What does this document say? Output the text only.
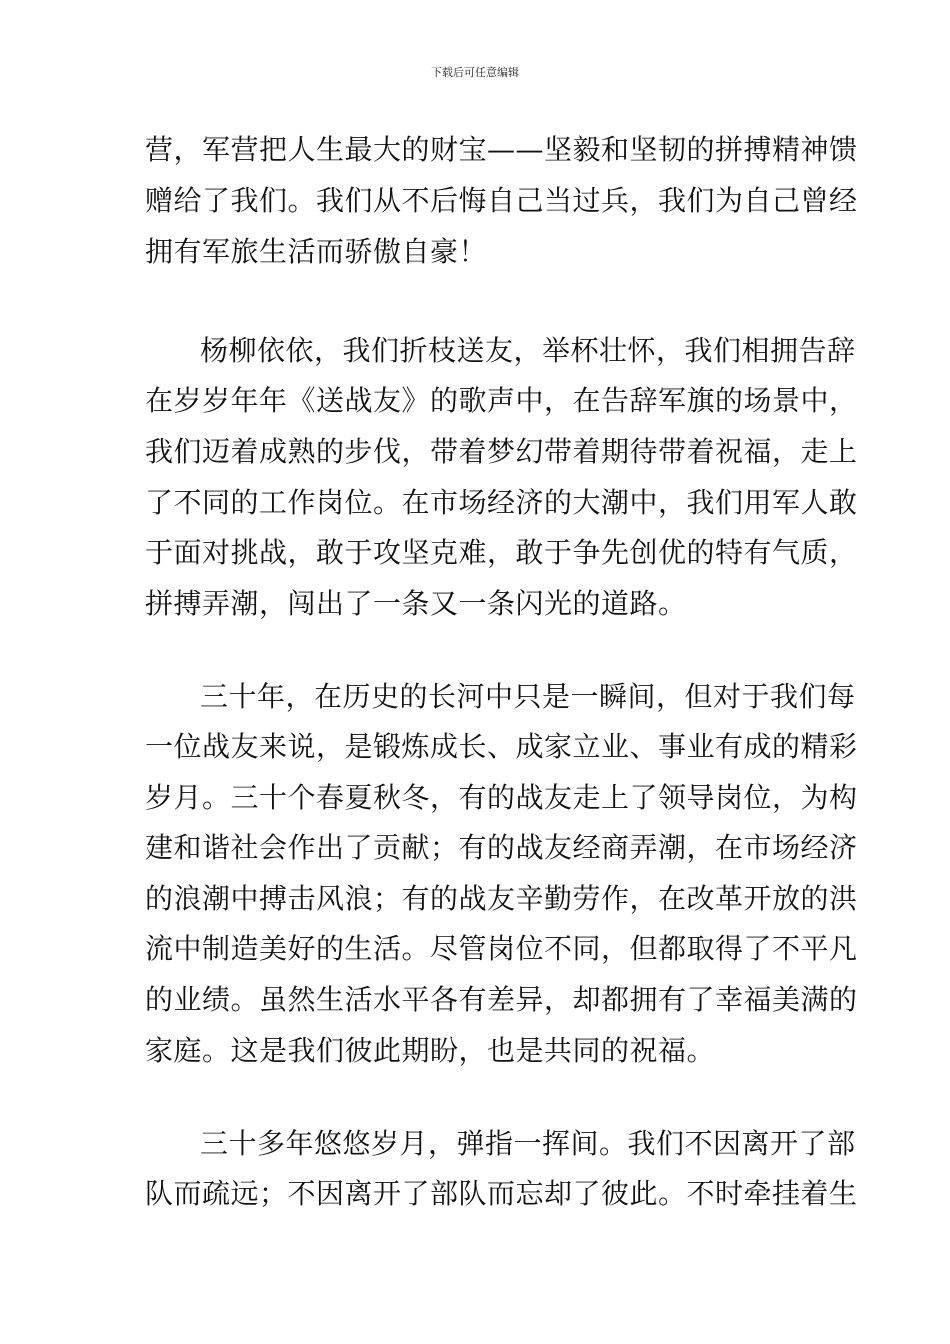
下载后可任意编辑
营，军营把人生最大的财宝——坚毅和坚韧的拼搏精神馈
赠给了我们。我们从不后悔自己当过兵，我们为自己曾经
拥有军旅生活而骄傲自豪！
杨柳依依，我们折枝送友，举杯壮怀，我们相拥告辞
在岁岁年年《送战友》的歌声中，在告辞军旗的场景中，
我们迈着成熟的步伐，带着梦幻带着期待带着祝福，走上
了不同的工作岗位。在市场经济的大潮中，我们用军人敢
于面对挑战，敢于攻坚克难，敢于争先创优的特有气质，
拼搏弄潮，闯出了一条又一条闪光的道路。
三十年，在历史的长河中只是一瞬间，但对于我们每
一位战友来说，是锻炼成长、成家立业、事业有成的精彩
岁月。三十个春夏秋冬，有的战友走上了领导岗位，为构
建和谐社会作出了贡献；有的战友经商弄潮，在市场经济
的浪潮中搏击风浪；有的战友辛勤劳作，在改革开放的洪
流中制造美好的生活。尽管岗位不同，但都取得了不平凡
的业绩。虽然生活水平各有差异，却都拥有了幸福美满的
家庭。这是我们彼此期盼，也是共同的祝福。
三十多年悠悠岁月，弹指一挥间。我们不因离开了部
队而疏远；不因离开了部队而忘却了彼此。不时牵挂着生
